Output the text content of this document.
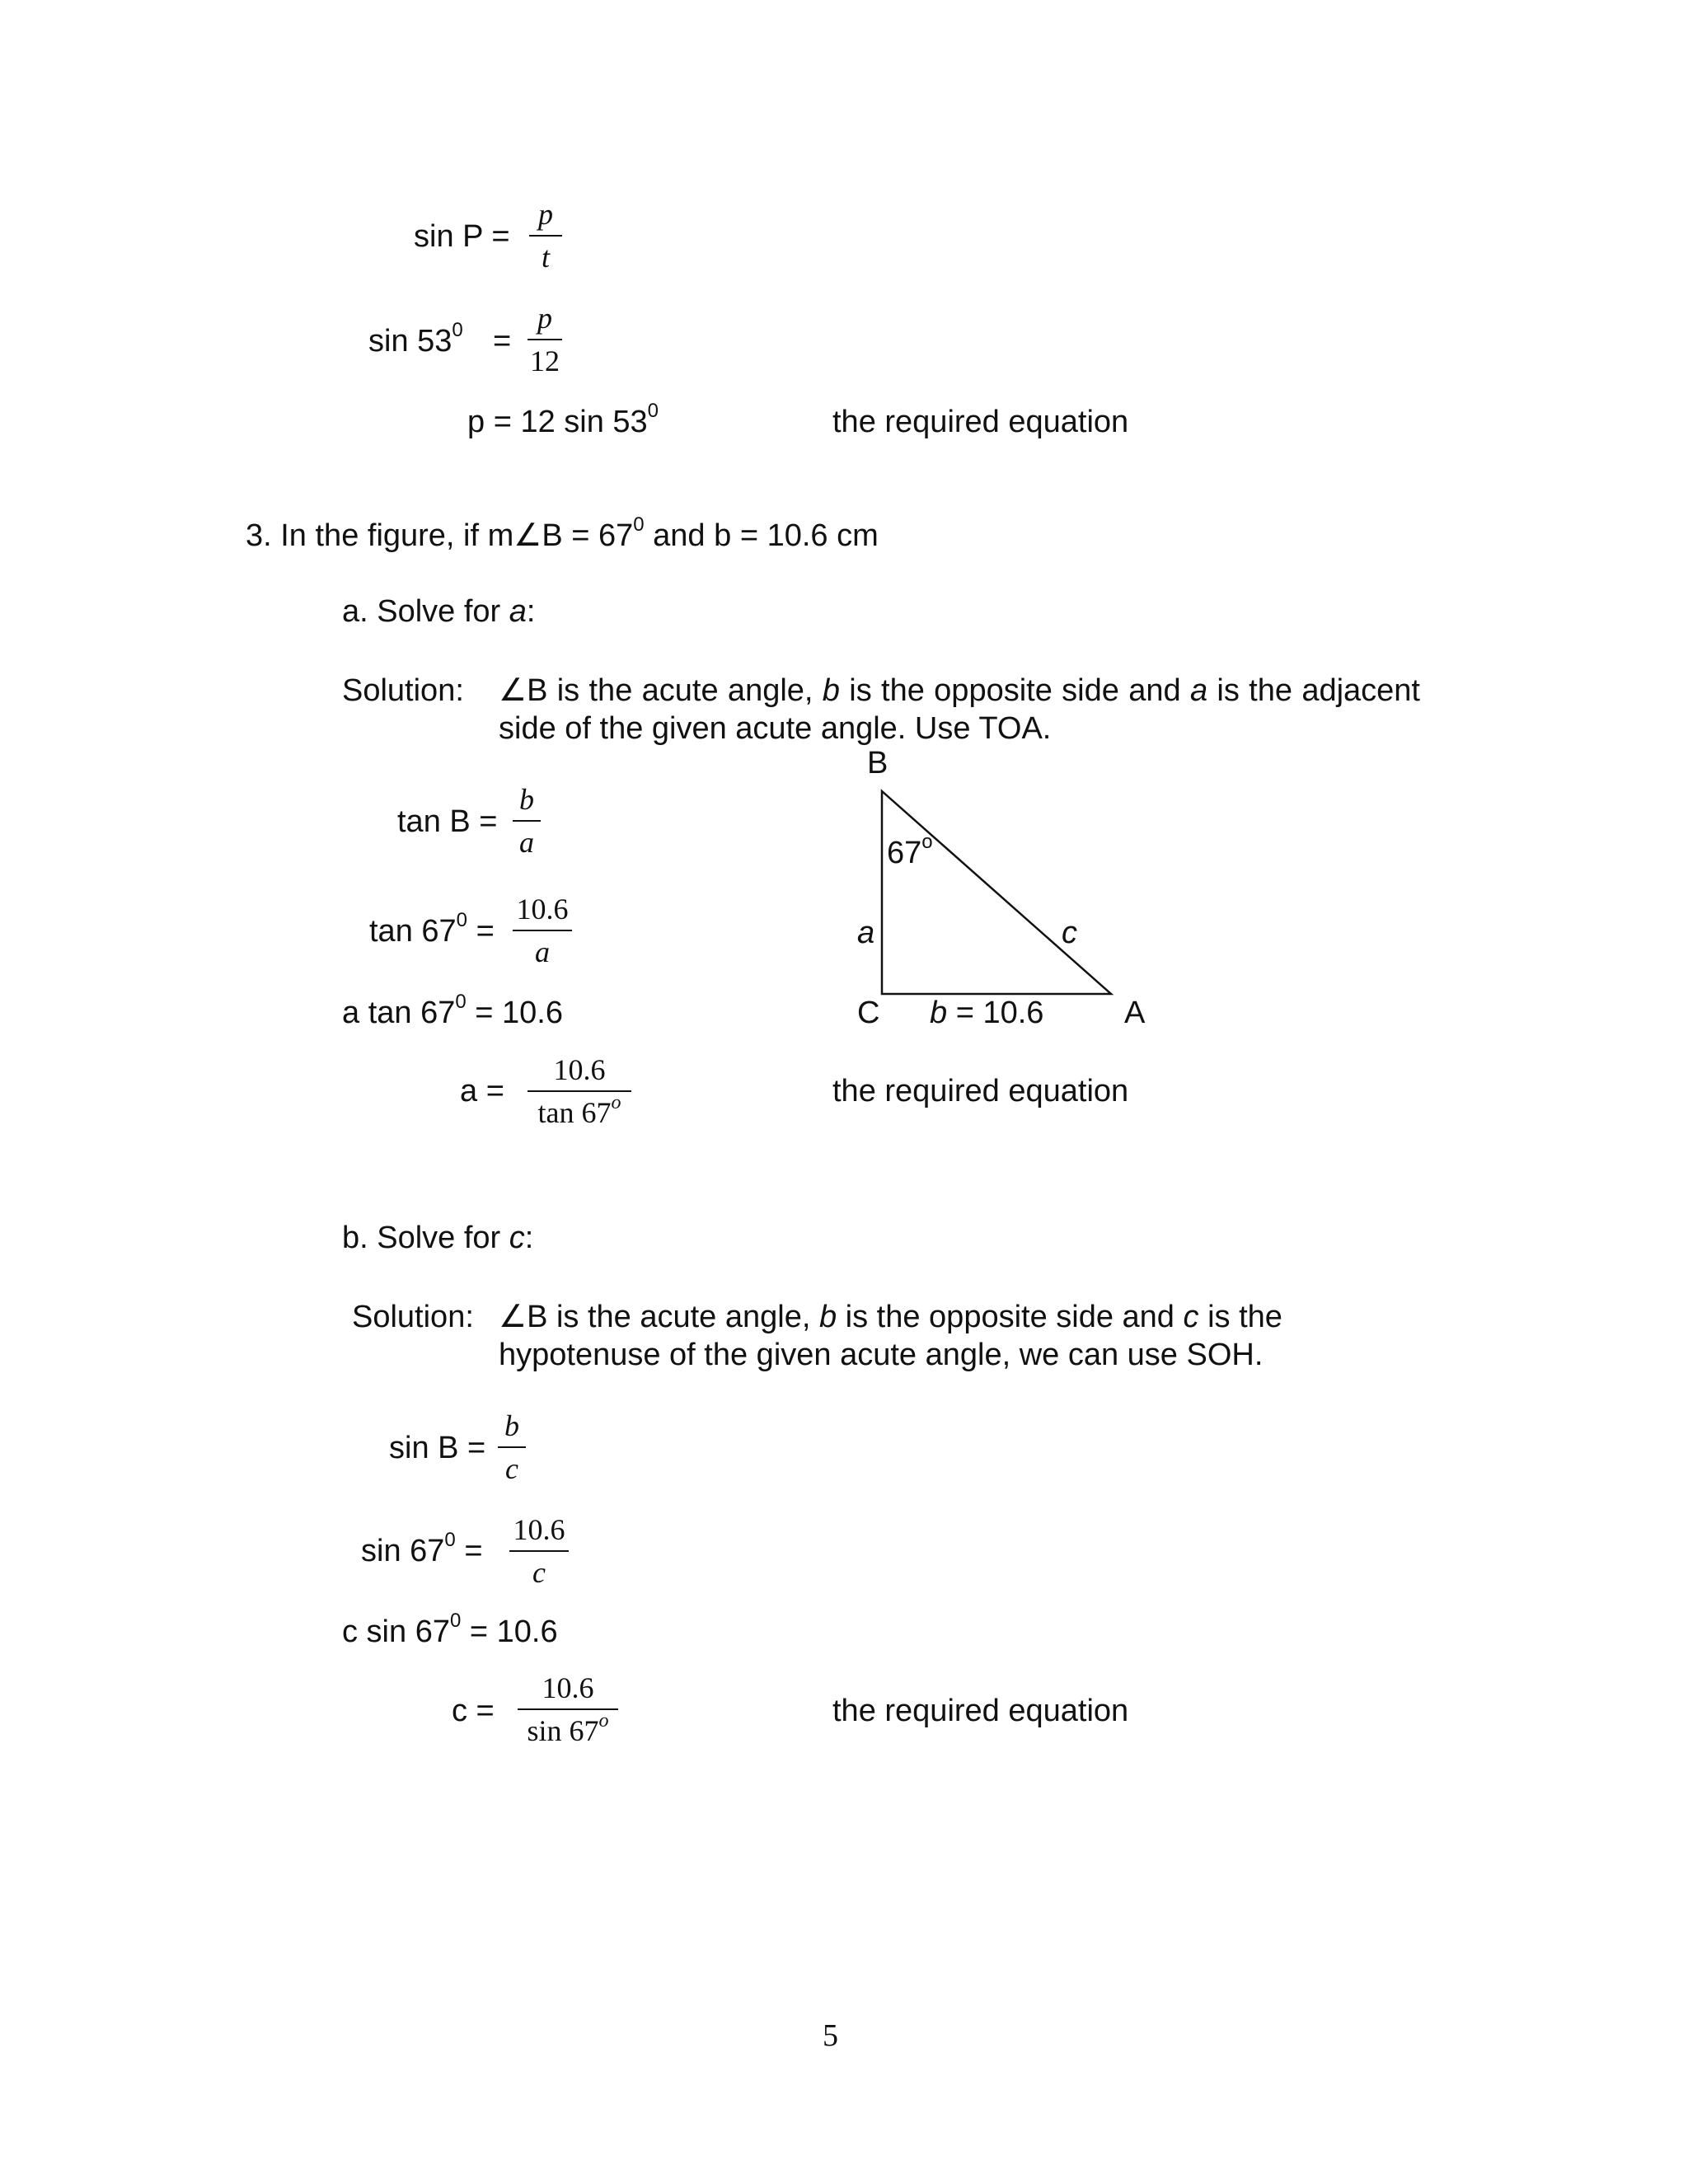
sin P =
p
t
$\sin 53^0$ =
p
12
p = 12 $\sin 53^0$	the required equation
3. In the figure, if m∠B = $67^0$ and b = 10.6 cm
a. Solve for a:
Solution: ∠B is the acute angle, b is the opposite side and a is the adjacent side of the given acute angle. Use TOA.
tan B =
b
a
$\tan 67^0$ =
10.6
a
a $\tan 67^0 = 10.6$
a =
10.6
tan 67$^o$	the required equation
B
67$^o$
a	c
C b = 10.6	A
b. Solve for c:
Solution: ∠B is the acute angle, b is the opposite side and c is the hypotenuse of the given acute angle, we can use SOH.
sin B =
b
c
$\sin 67^0$ =
10.6
c
c $\sin 67^0 = 10.6$
c =
10.6
sin 67$^o$	the required equation
5
